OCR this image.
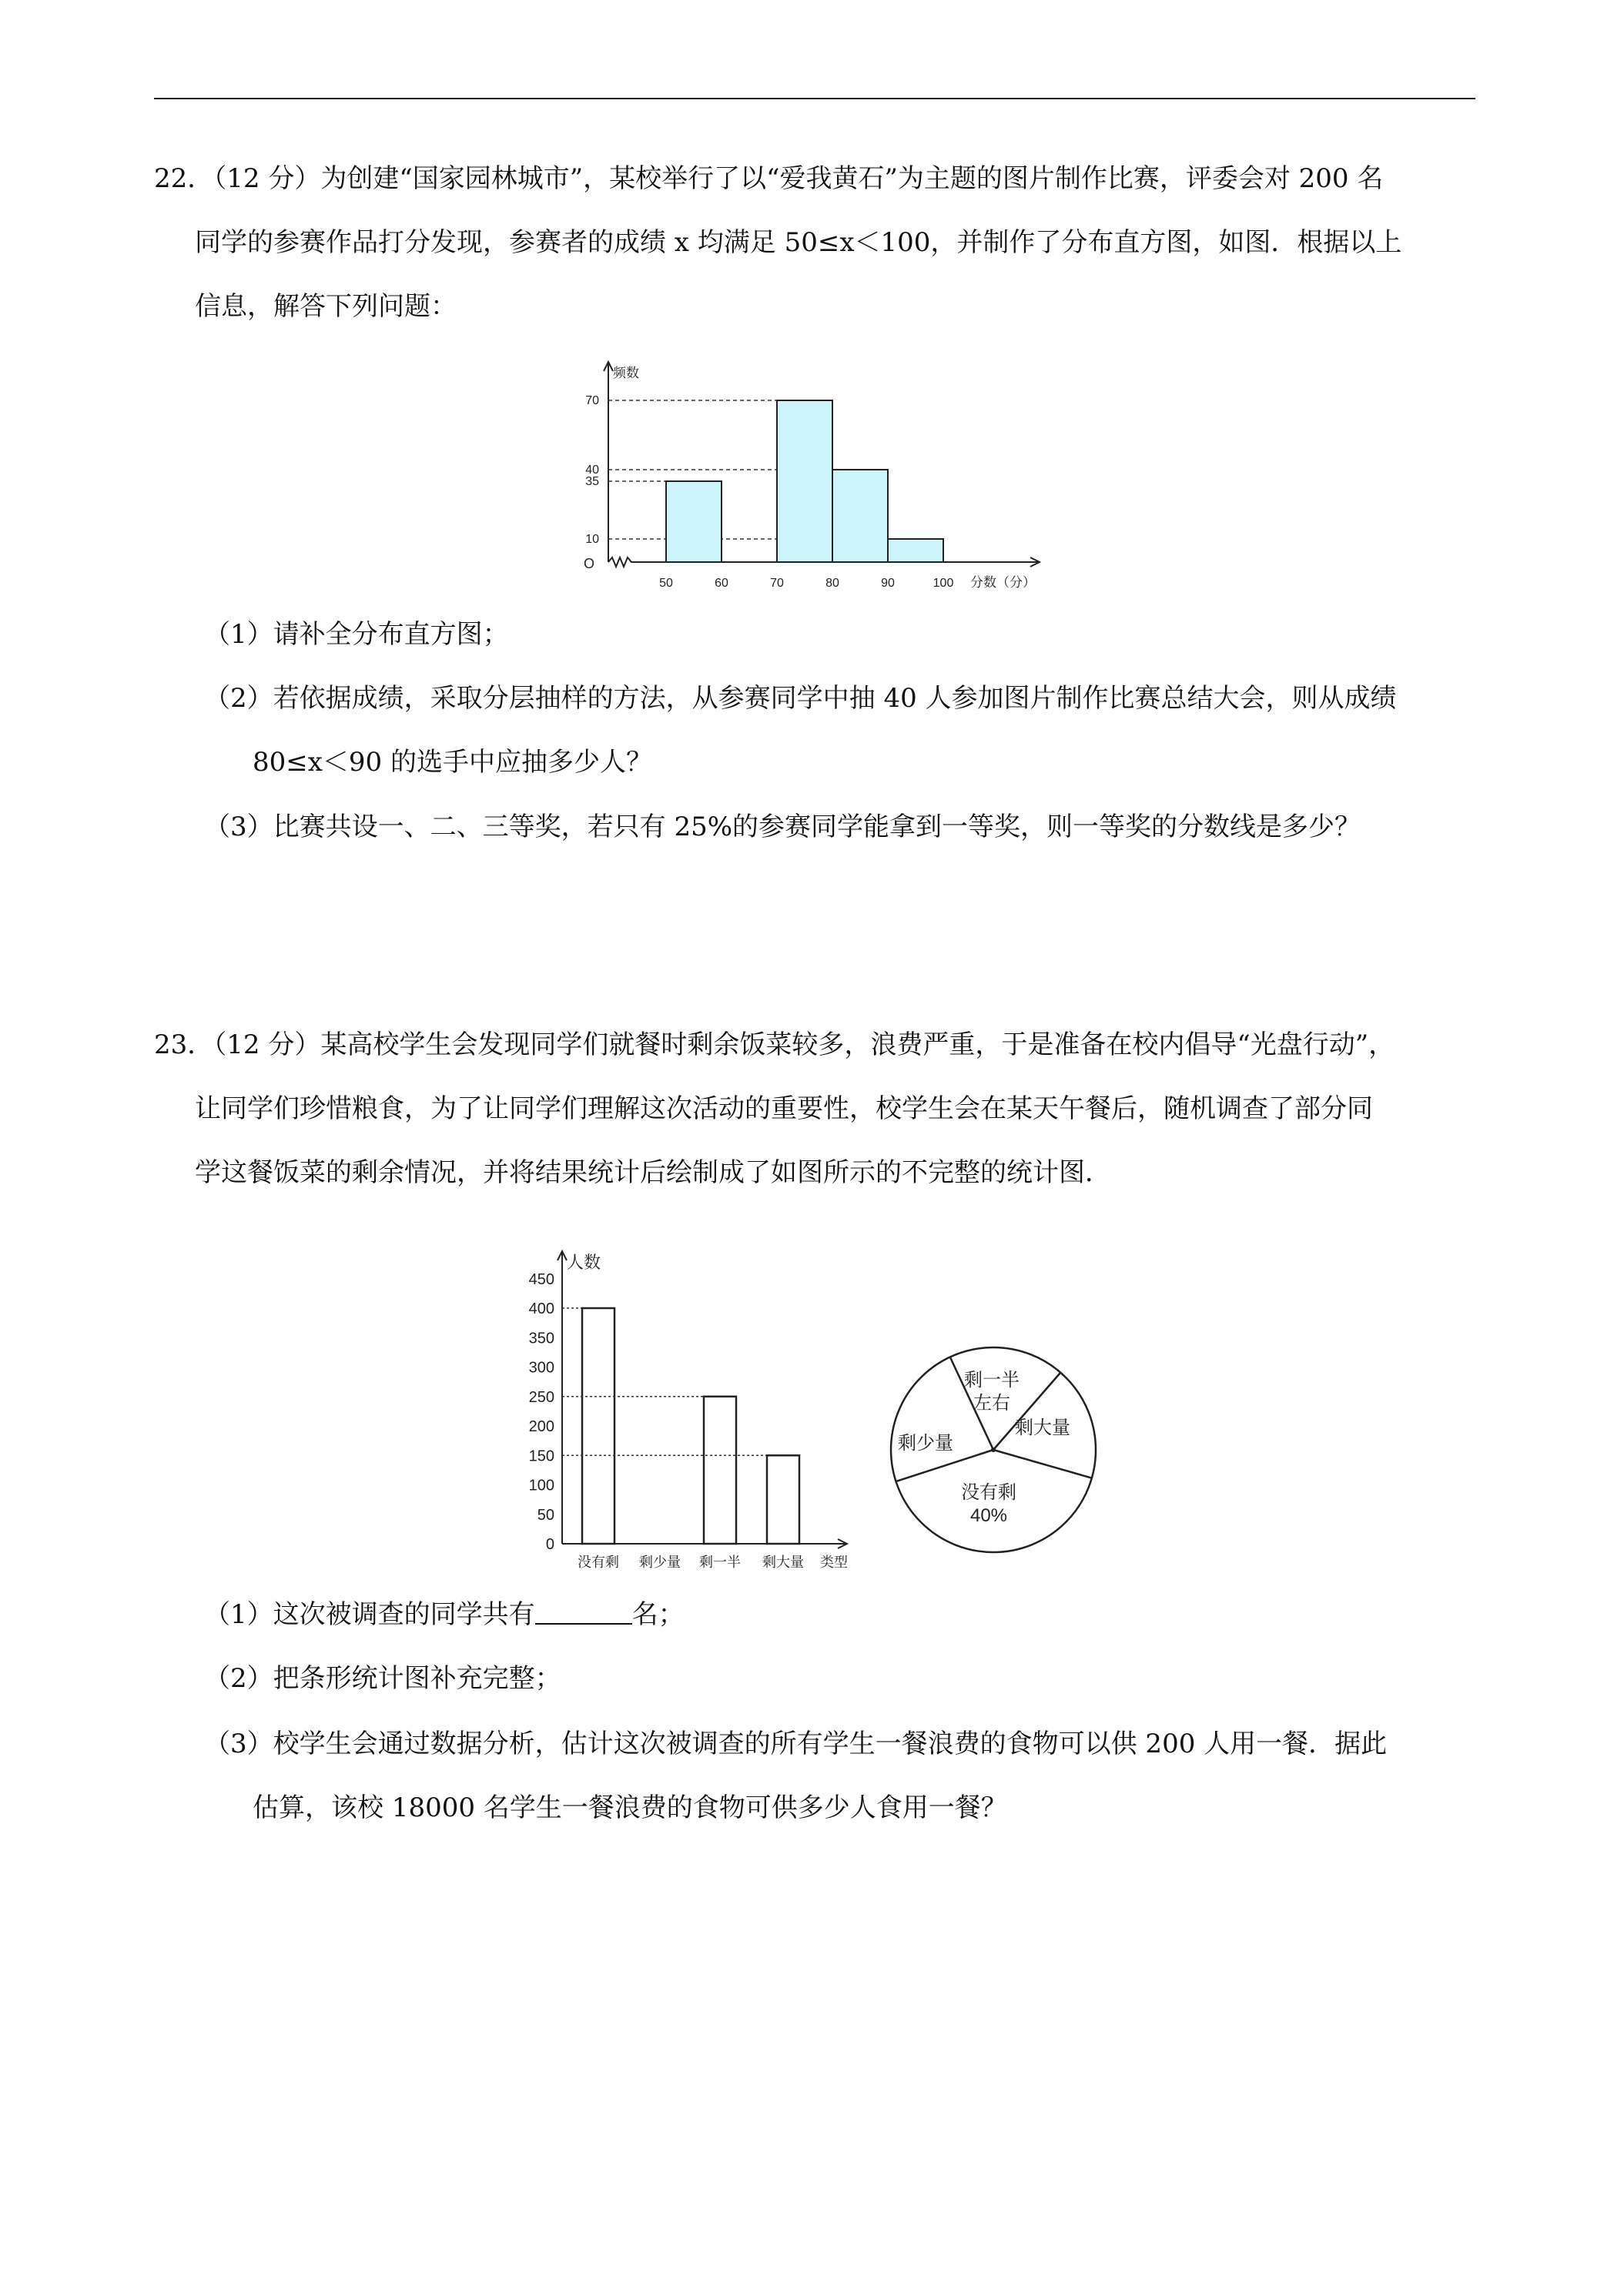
22．（12 分）为创建“国家园林城市”，某校举行了以“爱我黄石”为主题的图片制作比赛，评委会对 200 名
同学的参赛作品打分发现，参赛者的成绩 x 均满足 50≤x＜100，并制作了分布直方图，如图．根据以上
信息，解答下列问题：
频数
分数（分）
O
10
35
40
70
50	60	70	80	90	100
（1）请补全分布直方图；
（2）若依据成绩，采取分层抽样的方法，从参赛同学中抽 40 人参加图片制作比赛总结大会，则从成绩
80≤x＜90 的选手中应抽多少人？
（3）比赛共设一、二、三等奖，若只有 25%的参赛同学能拿到一等奖，则一等奖的分数线是多少？
23．（12 分）某高校学生会发现同学们就餐时剩余饭菜较多，浪费严重，于是准备在校内倡导“光盘行动”，
让同学们珍惜粮食，为了让同学们理解这次活动的重要性，校学生会在某天午餐后，随机调查了部分同
学这餐饭菜的剩余情况，并将结果统计后绘制成了如图所示的不完整的统计图．
人数
类型
0
50
100
150
200
250
300
350
400
450
没有剩 剩少量 剩一半 剩大量
剩一半
左右
剩大量
没有剩
40%
剩少量
（1）这次被调查的同学共有	名；
（2）把条形统计图补充完整；
（3）校学生会通过数据分析，估计这次被调查的所有学生一餐浪费的食物可以供 200 人用一餐．据此
估算，该校 18000 名学生一餐浪费的食物可供多少人食用一餐？
